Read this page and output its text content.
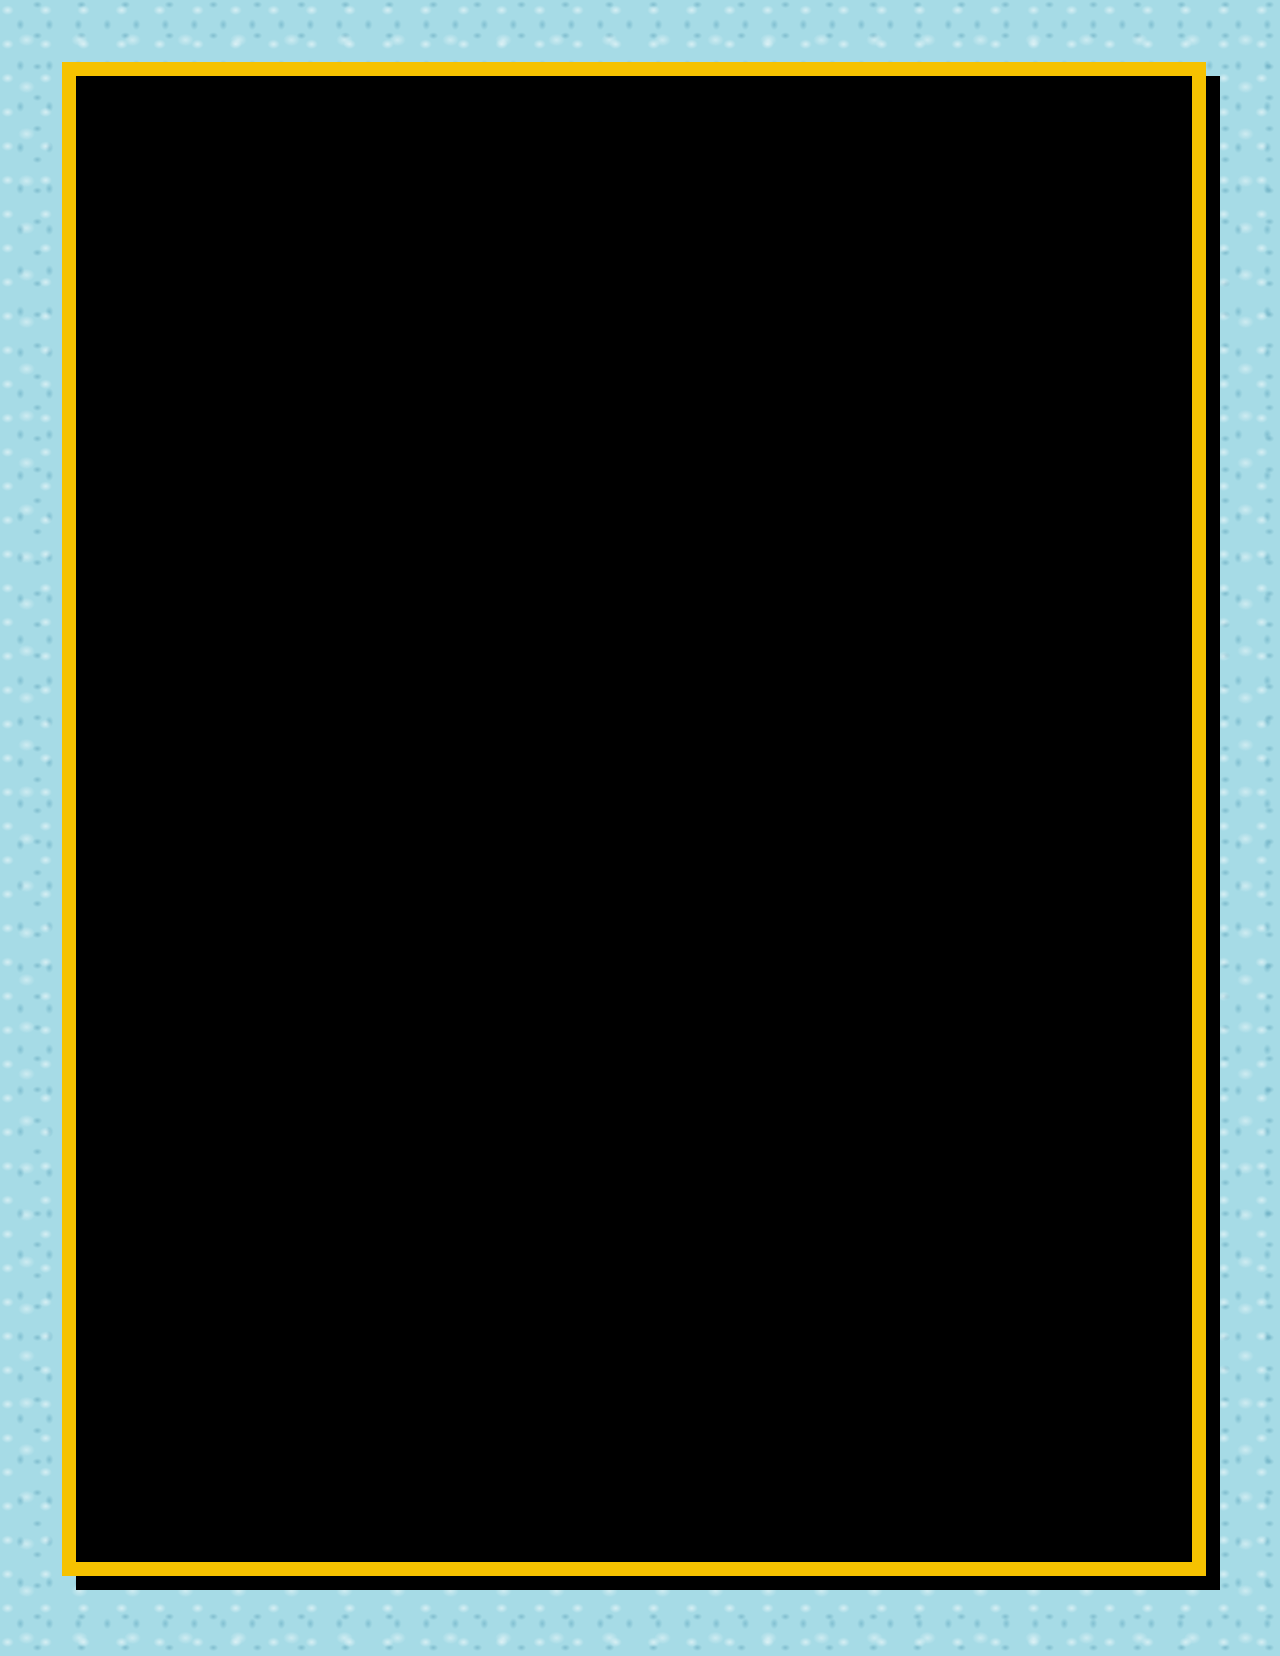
SURGERY REVISION SESSION QUESTIONS
1. A 30 year old man, who is known alcoholic presents to you in accident and emergency
department with complaints of severe haematemesis:
a) Define haematemesis ✓✓refers to vomiting blood.
b) List 4 possible causes of haematemesis in the above patient
✓✓pud,
✓✓Gastroduodenal erosions,
✓✓Oesophagitis
✓✓Oesophageal varices
✓✓'Mallory-Weiss' tears
✓✓Upper gastrointestinal malignancy
✓✓Vascular malformations
c) List 5 investigations which are useful in confirming the diagnosis
✓✓Labs – CBC, LFTs, UEC, Coagulation studies
✓✓OGD
✓✓CXR:
• May identify aspiration pneumonia
• Pleural effusion
• Perforated oesophagus
✓✓Erect and supine abdominal X ray to exclude perforated viscus and ileus
✓✓CT scan and ultrasound can identify:
• Liver disease
• Cholecystitis with haemorrhage
• Pancreatitis with haemorrhage and pseudocyst
• Aortoenteric fistulae
2. Question: Kelvin, a 35 years old male presents to you in the outpatient department
complaining of acute abdominal pain, vomiting, abdominal distention and constipation.
On examination, He was sick looking, febrile and dehydrated. He has abdominal
guarding, rebound tenderness and reduced bowel sounds on auscultation.
a) What is the most likely diagnosis ✓✓Most likely diagnosis – Acute peritonitis with
adynamic intestinal obstruction (paralytic ileus)
b) Classify intestinal obstruction ✓✓Intestinal obstruction is classified as Mechanical or
Paralytic ileus :
✓✓ Mechanical intestinal obstruction (Dynamic) – due to blockage of passage by a
structural barrier
✓✓Small bowel obstruction – Partial or total; acute or chronic – usually due to
adhesions, volvulus, intussusception, obstructed hernia
✓✓Large bowel obstruction – Partial or total; acute or chronic – usually due to
malignancies, fecal impaction, volvulus
